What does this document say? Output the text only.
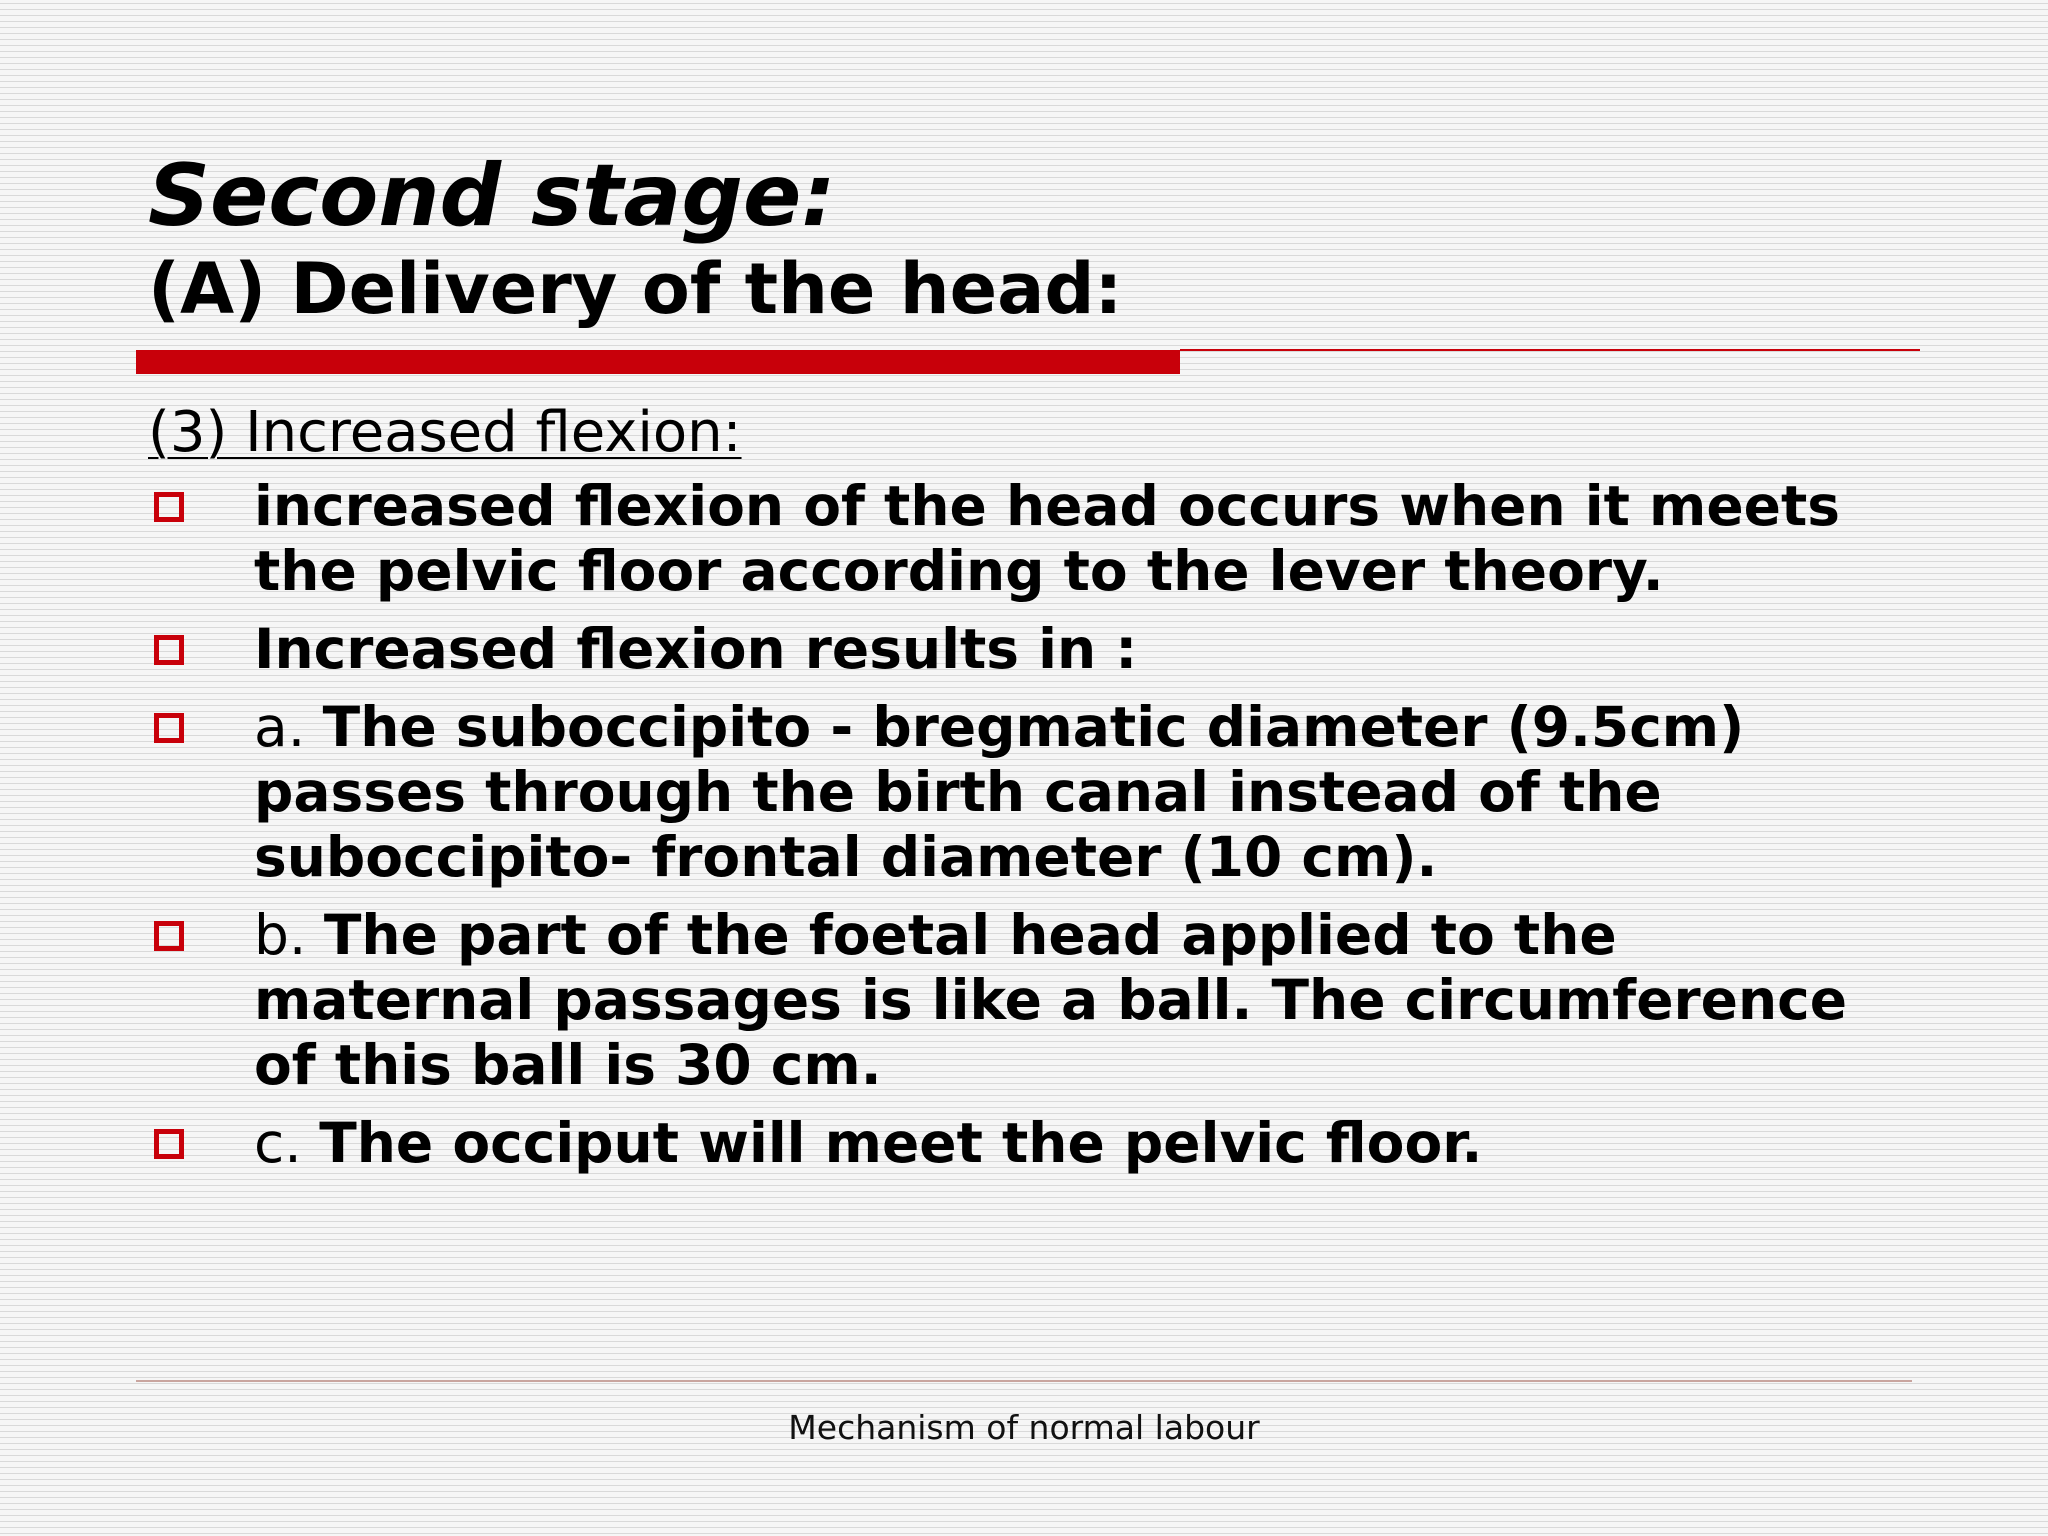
Second stage:
(A) Delivery of the head:
(3) Increased flexion:
increased flexion of the head occurs when it meets the pelvic floor according to the lever theory.
Increased flexion results in :
a. The suboccipito - bregmatic diameter (9.5cm) passes through the birth canal instead of the suboccipito- frontal diameter (10 cm).
b. The part of the foetal head applied to the maternal passages is like a ball. The circumference of this ball is 30 cm.
c. The occiput will meet the pelvic floor.
Mechanism of normal labour
